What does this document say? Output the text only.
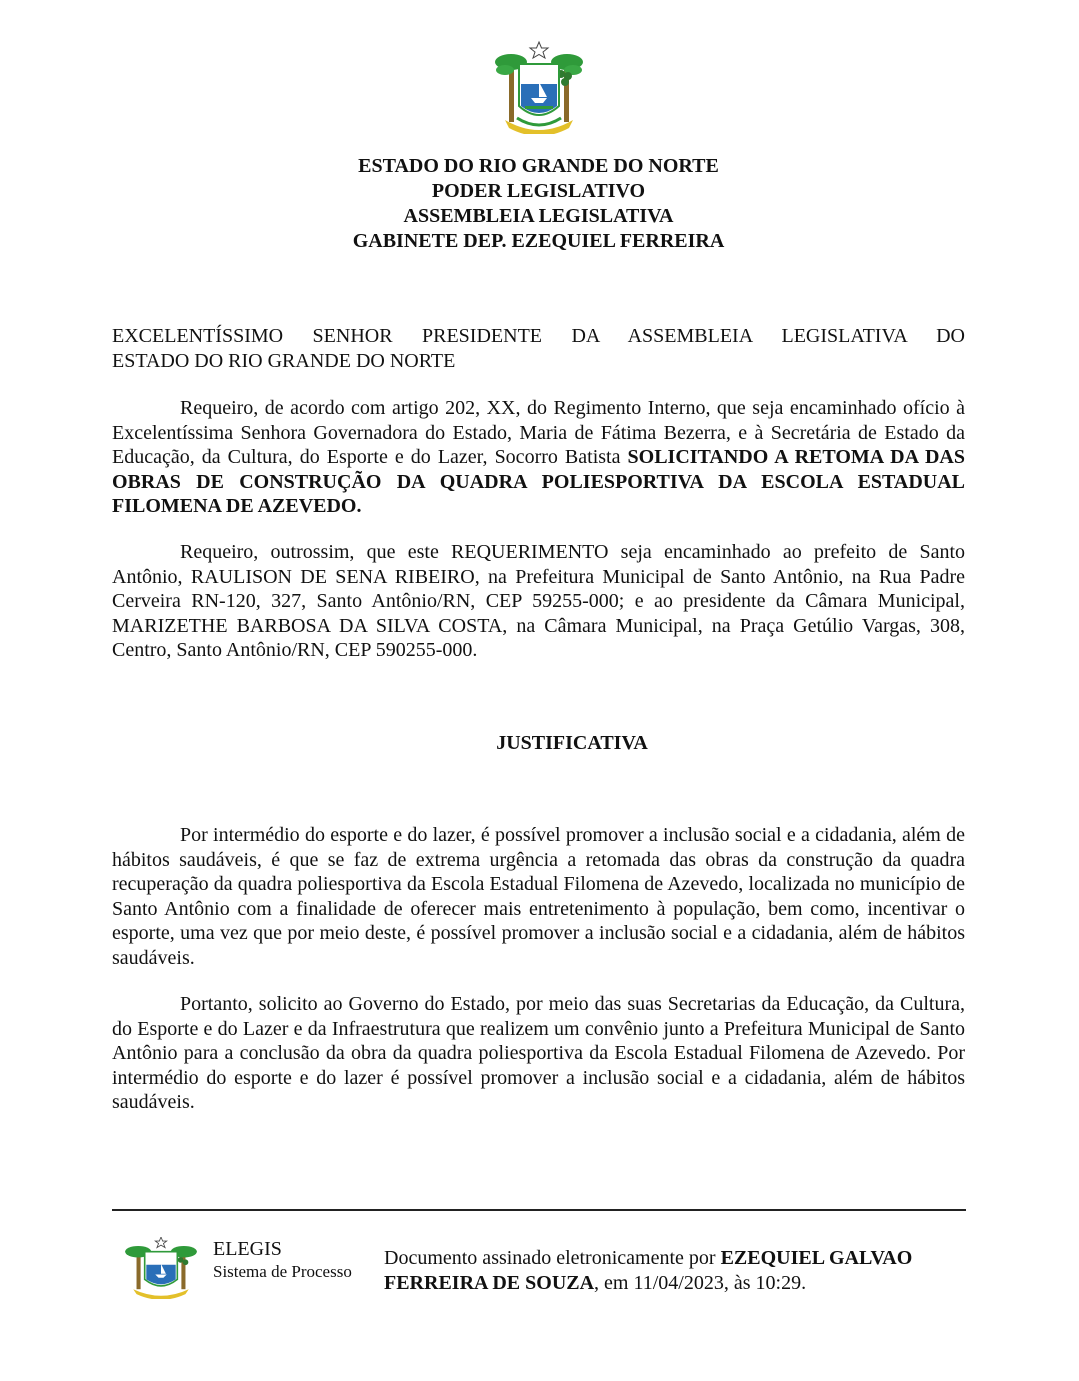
ESTADO DO RIO GRANDE DO NORTE
PODER LEGISLATIVO
ASSEMBLEIA LEGISLATIVA
GABINETE DEP. EZEQUIEL FERREIRA
EXCELENTÍSSIMO SENHOR PRESIDENTE DA ASSEMBLEIA LEGISLATIVA DO
ESTADO DO RIO GRANDE DO NORTE

Requeiro, de acordo com artigo 202, XX, do Regimento Interno, que seja encaminhado ofício à Excelentíssima Senhora Governadora do Estado, Maria de Fátima Bezerra, e à Secretária de Estado da Educação, da Cultura, do Esporte e do Lazer, Socorro Batista SOLICITANDO A RETOMA DA DAS OBRAS DE CONSTRUÇÃO DA QUADRA POLIESPORTIVA DA ESCOLA ESTADUAL FILOMENA DE AZEVEDO.

Requeiro, outrossim, que este REQUERIMENTO seja encaminhado ao prefeito de Santo Antônio, RAULISON DE SENA RIBEIRO, na Prefeitura Municipal de Santo Antônio, na Rua Padre Cerveira RN-120, 327, Santo Antônio/RN, CEP 59255-000; e ao presidente da Câmara Municipal, MARIZETHE BARBOSA DA SILVA COSTA, na Câmara Municipal, na Praça Getúlio Vargas, 308, Centro, Santo Antônio/RN, CEP 590255-000.

JUSTIFICATIVA

Por intermédio do esporte e do lazer, é possível promover a inclusão social e a cidadania, além de hábitos saudáveis, é que se faz de extrema urgência a retomada das obras da construção da quadra recuperação da quadra poliesportiva da Escola Estadual Filomena de Azevedo, localizada no município de Santo Antônio com a finalidade de oferecer mais entretenimento à população, bem como, incentivar o esporte, uma vez que por meio deste, é possível promover a inclusão social e a cidadania, além de hábitos saudáveis.

Portanto, solicito ao Governo do Estado, por meio das suas Secretarias da Educação, da Cultura, do Esporte e do Lazer e da Infraestrutura que realizem um convênio junto a Prefeitura Municipal de Santo Antônio para a conclusão da obra da quadra poliesportiva da Escola Estadual Filomena de Azevedo. Por intermédio do esporte e do lazer é possível promover a inclusão social e a cidadania, além de hábitos saudáveis.

ELEGIS
Sistema de Processo
Documento assinado eletronicamente por EZEQUIEL GALVAO FERREIRA DE SOUZA, em 11/04/2023, às 10:29.
